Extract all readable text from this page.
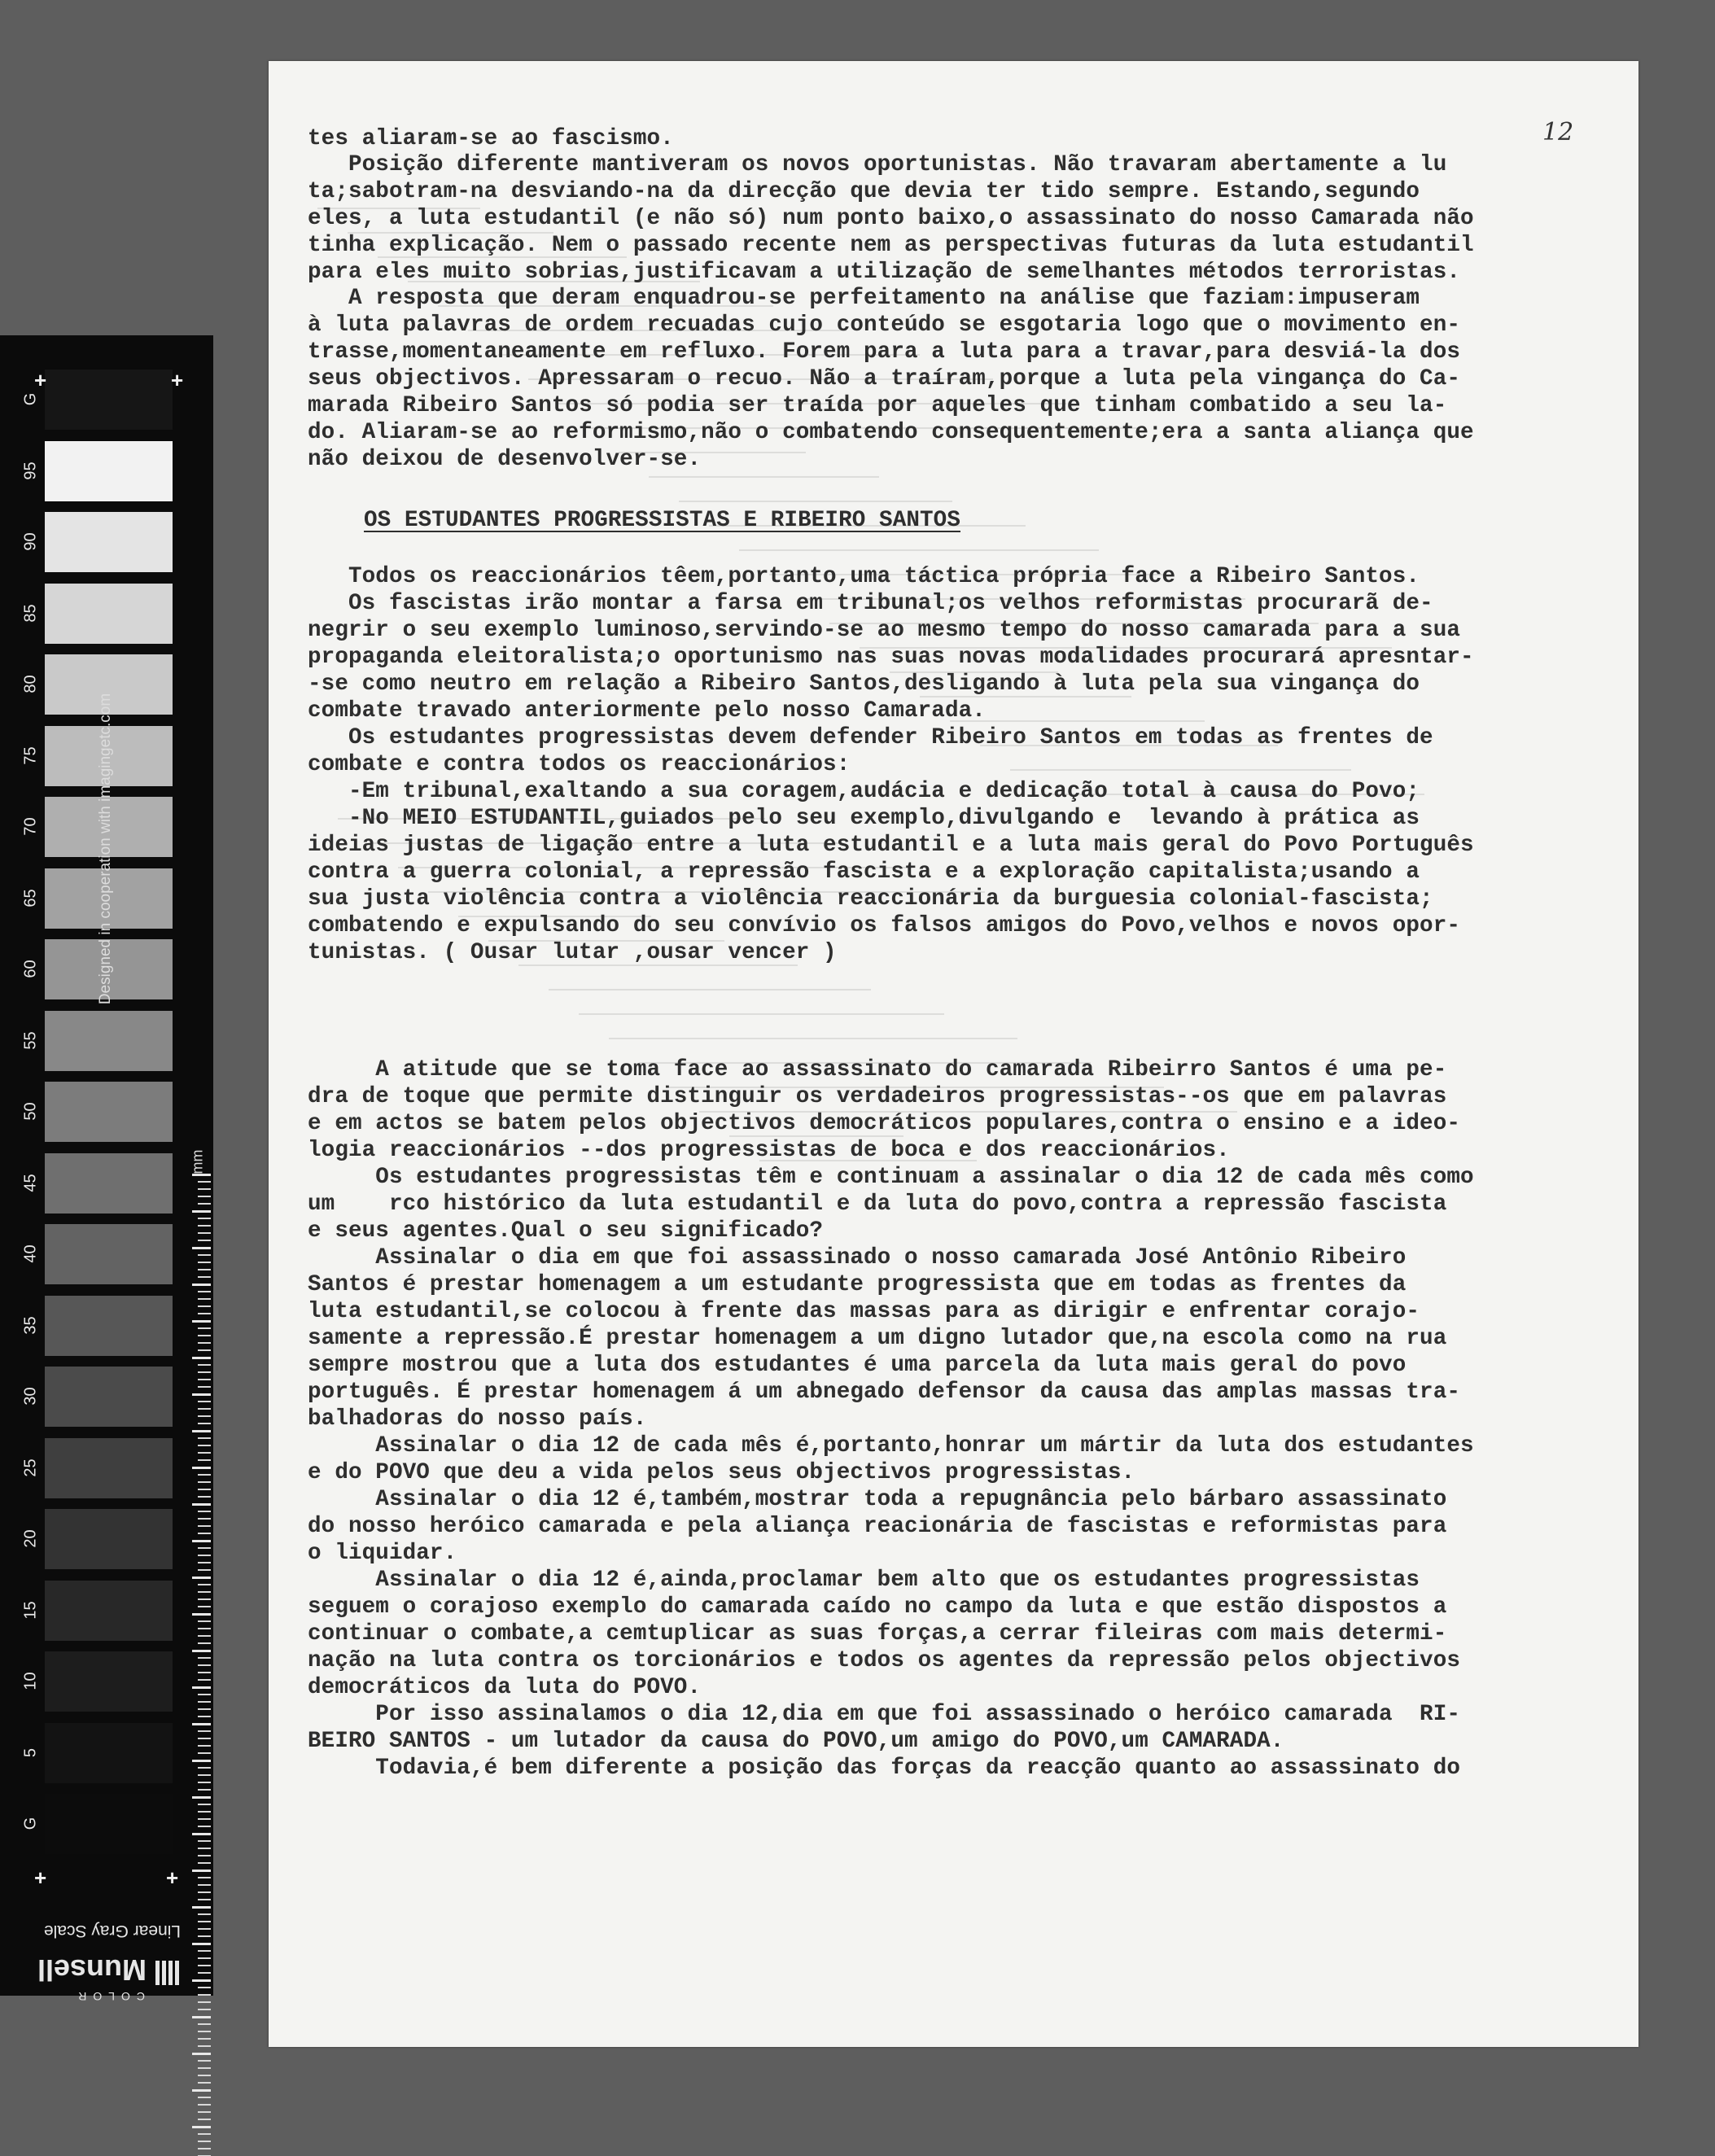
G
95
90
85
80
75
70
65
60
55
50
45
40
35
30
25
20
15
10
5
G
+	+
+	+
Designed in cooperation with imagingetc.com
mm
Linear Gray Scale
COLOR
Munsell
12
tes aliaram-se ao fascismo.
Posição diferente mantiveram os novos oportunistas. Não travaram abertamente a lu
ta;sabotram-na desviando-na da direcção que devia ter tido sempre. Estando,segundo
eles, a luta estudantil (e não só) num ponto baixo,o assassinato do nosso Camarada não
tinha explicação. Nem o passado recente nem as perspectivas futuras da luta estudantil
para eles muito sobrias,justificavam a utilização de semelhantes métodos terroristas.
A resposta que deram enquadrou-se perfeitamento na análise que faziam:impuseram
à luta palavras de ordem recuadas cujo conteúdo se esgotaria logo que o movimento en-
trasse,momentaneamente em refluxo. Forem para a luta para a travar,para desviá-la dos
seus objectivos. Apressaram o recuo. Não a traíram,porque a luta pela vingança do Ca-
marada Ribeiro Santos só podia ser traída por aqueles que tinham combatido a seu la-
do. Aliaram-se ao reformismo,não o combatendo consequentemente;era a santa aliança que
não deixou de desenvolver-se.
Todos os reaccionários têem,portanto,uma táctica própria face a Ribeiro Santos.
Os fascistas irão montar a farsa em tribunal;os velhos reformistas procurarã de-
negrir o seu exemplo luminoso,servindo-se ao mesmo tempo do nosso camarada para a sua
propaganda eleitoralista;o oportunismo nas suas novas modalidades procurará apresntar-
-se como neutro em relação a Ribeiro Santos,desligando à luta pela sua vingança do
combate travado anteriormente pelo nosso Camarada.
Os estudantes progressistas devem defender Ribeiro Santos em todas as frentes de
combate e contra todos os reaccionários:
-Em tribunal,exaltando a sua coragem,audácia e dedicação total à causa do Povo;
-No MEIO ESTUDANTIL,guiados pelo seu exemplo,divulgando e  levando à prática as
ideias justas de ligação entre a luta estudantil e a luta mais geral do Povo Português
contra a guerra colonial, a repressão fascista e a exploração capitalista;usando a
sua justa violência contra a violência reaccionária da burguesia colonial-fascista;
combatendo e expulsando do seu convívio os falsos amigos do Povo,velhos e novos opor-
tunistas. ( Ousar lutar ,ousar vencer )
A atitude que se toma face ao assassinato do camarada Ribeirro Santos é uma pe-
dra de toque que permite distinguir os verdadeiros progressistas--os que em palavras
e em actos se batem pelos objectivos democráticos populares,contra o ensino e a ideo-
logia reaccionários --dos progressistas de boca e dos reaccionários.
Os estudantes progressistas têm e continuam a assinalar o dia 12 de cada mês como
um    rco histórico da luta estudantil e da luta do povo,contra a repressão fascista
e seus agentes.Qual o seu significado?
Assinalar o dia em que foi assassinado o nosso camarada José Antônio Ribeiro
Santos é prestar homenagem a um estudante progressista que em todas as frentes da
luta estudantil,se colocou à frente das massas para as dirigir e enfrentar corajo-
samente a repressão.É prestar homenagem a um digno lutador que,na escola como na rua
sempre mostrou que a luta dos estudantes é uma parcela da luta mais geral do povo
português. É prestar homenagem á um abnegado defensor da causa das amplas massas tra-
balhadoras do nosso país.
Assinalar o dia 12 de cada mês é,portanto,honrar um mártir da luta dos estudantes
e do POVO que deu a vida pelos seus objectivos progressistas.
Assinalar o dia 12 é,também,mostrar toda a repugnância pelo bárbaro assassinato
do nosso heróico camarada e pela aliança reacionária de fascistas e reformistas para
o liquidar.
Assinalar o dia 12 é,ainda,proclamar bem alto que os estudantes progressistas
seguem o corajoso exemplo do camarada caído no campo da luta e que estão dispostos a
continuar o combate,a cemtuplicar as suas forças,a cerrar fileiras com mais determi-
nação na luta contra os torcionários e todos os agentes da repressão pelos objectivos
democráticos da luta do POVO.
Por isso assinalamos o dia 12,dia em que foi assassinado o heróico camarada  RI-
BEIRO SANTOS - um lutador da causa do POVO,um amigo do POVO,um CAMARADA.
Todavia,é bem diferente a posição das forças da reacção quanto ao assassinato do
OS ESTUDANTES PROGRESSISTAS E RIBEIRO SANTOS
